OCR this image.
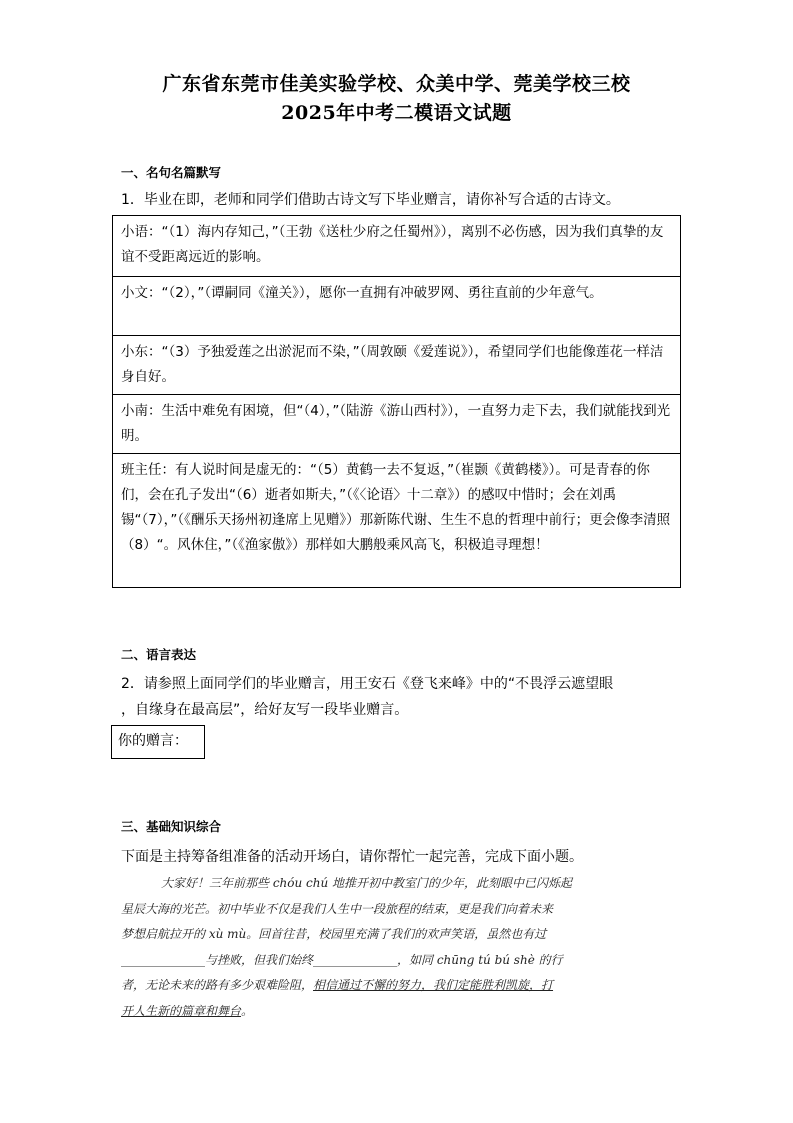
广东省东莞市佳美实验学校、众美中学、莞美学校三校
2025年中考二模语文试题
一、名句名篇默写
1．毕业在即，老师和同学们借助古诗文写下毕业赠言，请你补写合适的古诗文。
小语：“（1）海内存知己，”（王勃《送杜少府之任蜀州》），离别不必伤感，因为我们真挚的友谊不受距离远近的影响。
小文：“（2），”（谭嗣同《潼关》），愿你一直拥有冲破罗网、勇往直前的少年意气。
小东：“（3）予独爱莲之出淤泥而不染，”（周敦颐《爱莲说》），希望同学们也能像莲花一样洁身自好。
小南：生活中难免有困境，但“（4），”（陆游《游山西村》），一直努力走下去，我们就能找到光明。
班主任：有人说时间是虚无的：“（5）黄鹤一去不复返，”（崔颢《黄鹤楼》）。可是青春的你们，会在孔子发出“（6）逝者如斯夫，”（《〈论语〉十二章》）的感叹中惜时；会在刘禹锡“（7），”（《酬乐天扬州初逢席上见赠》）那新陈代谢、生生不息的哲理中前行；更会像李清照（8）“。风休住，”（《渔家傲》）那样如大鹏般乘风高飞，积极追寻理想！
二、语言表达
2．请参照上面同学们的毕业赠言，用王安石《登飞来峰》中的“不畏浮云遮望眼
，自缘身在最高层”，给好友写一段毕业赠言。
你的赠言：
三、基础知识综合
下面是主持筹备组准备的活动开场白，请你帮忙一起完善，完成下面小题。
大家好！三年前那些 chóu chú 地推开初中教室门的少年，此刻眼中已闪烁起
星辰大海的光芒。初中毕业不仅是我们人生中一段旅程的结束，更是我们向着未来
梦想启航拉开的 xù mù。回首往昔，校园里充满了我们的欢声笑语，虽然也有过
______________与挫败，但我们始终______________，如同 chūng tú bú shè 的行
者，无论未来的路有多少艰难险阻，相信通过不懈的努力，我们定能胜利凯旋，打
开人生新的篇章和舞台。
